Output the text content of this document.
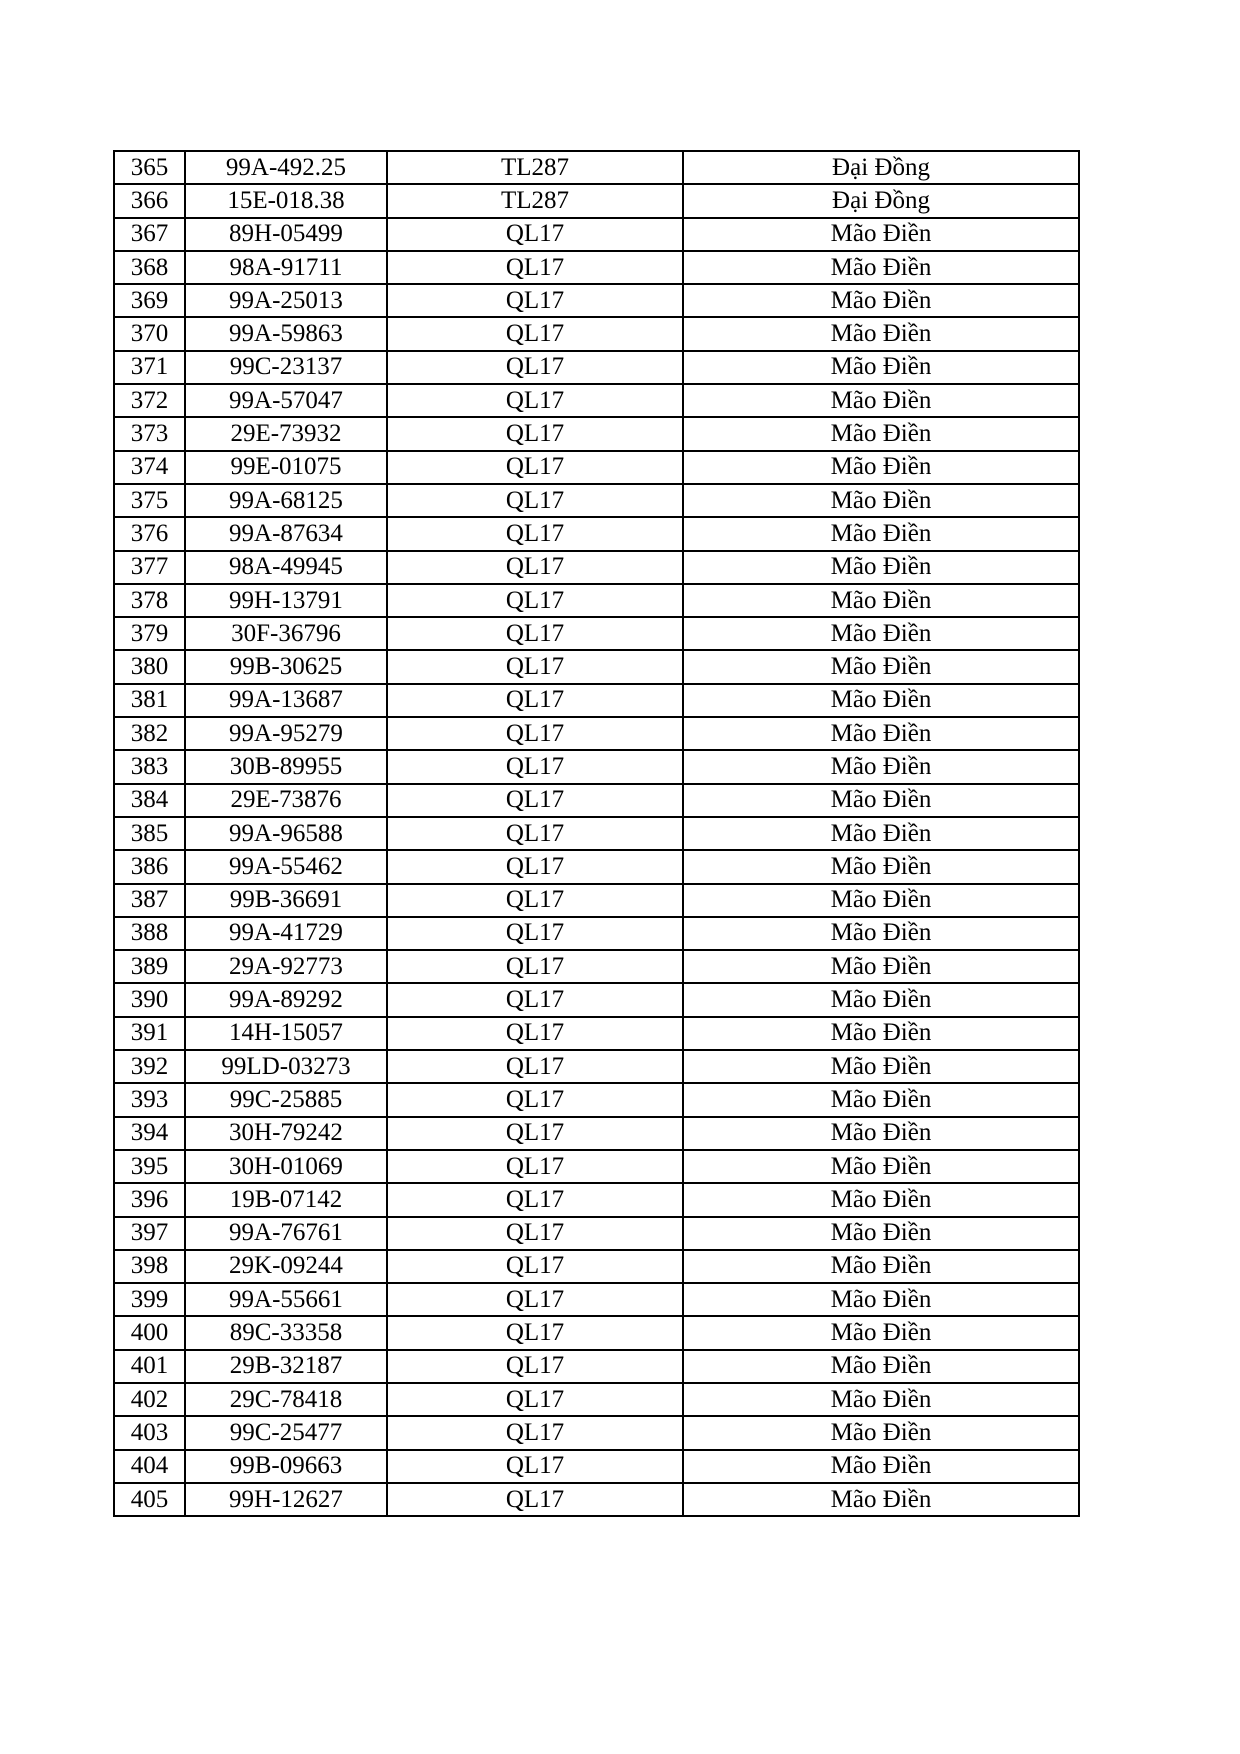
365	99A-492.25	TL287	Đại Đồng
366	15E-018.38	TL287	Đại Đồng
367	89H-05499	QL17	Mão Điền
368	98A-91711	QL17	Mão Điền
369	99A-25013	QL17	Mão Điền
370	99A-59863	QL17	Mão Điền
371	99C-23137	QL17	Mão Điền
372	99A-57047	QL17	Mão Điền
373	29E-73932	QL17	Mão Điền
374	99E-01075	QL17	Mão Điền
375	99A-68125	QL17	Mão Điền
376	99A-87634	QL17	Mão Điền
377	98A-49945	QL17	Mão Điền
378	99H-13791	QL17	Mão Điền
379	30F-36796	QL17	Mão Điền
380	99B-30625	QL17	Mão Điền
381	99A-13687	QL17	Mão Điền
382	99A-95279	QL17	Mão Điền
383	30B-89955	QL17	Mão Điền
384	29E-73876	QL17	Mão Điền
385	99A-96588	QL17	Mão Điền
386	99A-55462	QL17	Mão Điền
387	99B-36691	QL17	Mão Điền
388	99A-41729	QL17	Mão Điền
389	29A-92773	QL17	Mão Điền
390	99A-89292	QL17	Mão Điền
391	14H-15057	QL17	Mão Điền
392	99LD-03273	QL17	Mão Điền
393	99C-25885	QL17	Mão Điền
394	30H-79242	QL17	Mão Điền
395	30H-01069	QL17	Mão Điền
396	19B-07142	QL17	Mão Điền
397	99A-76761	QL17	Mão Điền
398	29K-09244	QL17	Mão Điền
399	99A-55661	QL17	Mão Điền
400	89C-33358	QL17	Mão Điền
401	29B-32187	QL17	Mão Điền
402	29C-78418	QL17	Mão Điền
403	99C-25477	QL17	Mão Điền
404	99B-09663	QL17	Mão Điền
405	99H-12627	QL17	Mão Điền
